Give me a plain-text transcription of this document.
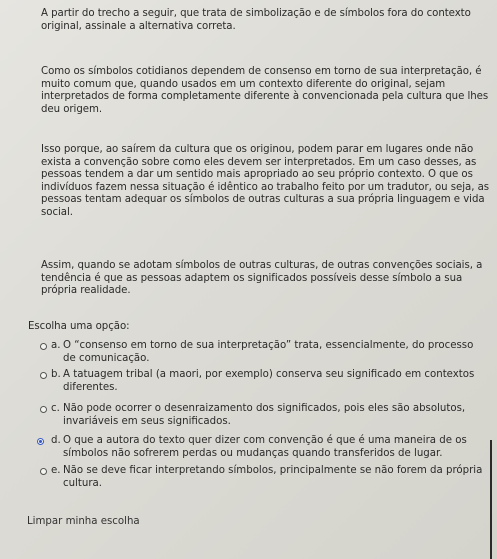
A partir do trecho a seguir, que trata de simbolização e de símbolos fora do contexto
original, assinale a alternativa correta.
Como os símbolos cotidianos dependem de consenso em torno de sua interpretação, é
muito comum que, quando usados em um contexto diferente do original, sejam
interpretados de forma completamente diferente à convencionada pela cultura que lhes
deu origem.
Isso porque, ao saírem da cultura que os originou, podem parar em lugares onde não
exista a convenção sobre como eles devem ser interpretados. Em um caso desses, as
pessoas tendem a dar um sentido mais apropriado ao seu próprio contexto. O que os
indivíduos fazem nessa situação é idêntico ao trabalho feito por um tradutor, ou seja, as
pessoas tentam adequar os símbolos de outras culturas a sua própria linguagem e vida
social.
Assim, quando se adotam símbolos de outras culturas, de outras convenções sociais, a
tendência é que as pessoas adaptem os significados possíveis desse símbolo a sua
própria realidade.
Escolha uma opção:
a. O “consenso em torno de sua interpretação” trata, essencialmente, do processo
de comunicação.
b. A tatuagem tribal (a maori, por exemplo) conserva seu significado em contextos
diferentes.
c. Não pode ocorrer o desenraizamento dos significados, pois eles são absolutos,
invariáveis em seus significados.
d. O que a autora do texto quer dizer com convenção é que é uma maneira de os
símbolos não sofrerem perdas ou mudanças quando transferidos de lugar.
e. Não se deve ficar interpretando símbolos, principalmente se não forem da própria
cultura.
Limpar minha escolha
